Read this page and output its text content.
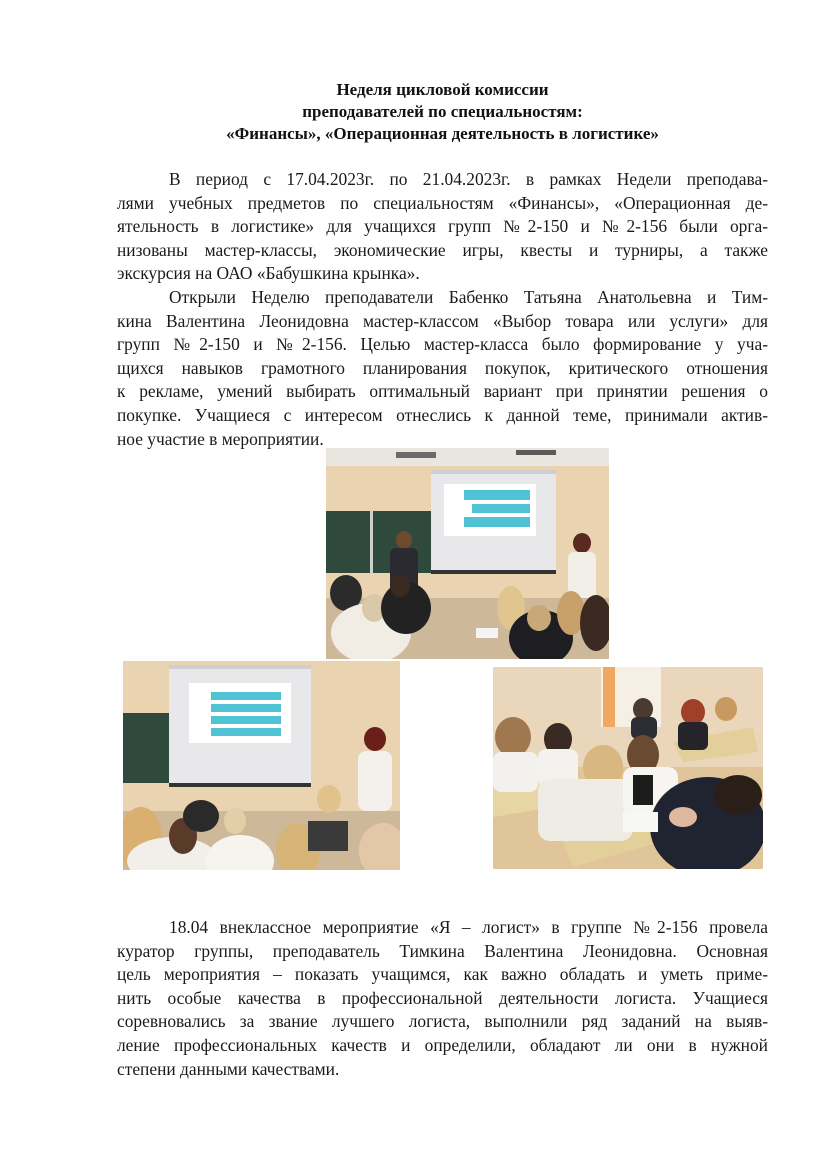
Неделя цикловой комиссии
преподавателей по специальностям:
«Финансы», «Операционная деятельность в логистике»
В период с 17.04.2023г. по 21.04.2023г. в рамках Недели преподава-
лями учебных предметов по специальностям «Финансы», «Операционная де-
ятельность в логистике» для учащихся групп №2-150 и №2-156 были орга-
низованы мастер-классы, экономические игры, квесты и турниры, а также
экскурсия на ОАО «Бабушкина крынка».
Открыли Неделю преподаватели Бабенко Татьяна Анатольевна и Тим-
кина Валентина Леонидовна мастер-классом «Выбор товара или услуги» для
групп №2-150 и №2-156. Целью мастер-класса было формирование у уча-
щихся навыков грамотного планирования покупок, критического отношения
к рекламе, умений выбирать оптимальный вариант при принятии решения о
покупке. Учащиеся с интересом отнеслись к данной теме, принимали актив-
ное участие в мероприятии.
18.04 внеклассное мероприятие «Я – логист» в группе №2-156 провела
куратор группы, преподаватель Тимкина Валентина Леонидовна. Основная
цель мероприятия – показать учащимся, как важно обладать и уметь приме-
нить особые качества в профессиональной деятельности логиста. Учащиеся
соревновались за звание лучшего логиста, выполнили ряд заданий на выяв-
ление профессиональных качеств и определили, обладают ли они в нужной
степени данными качествами.
